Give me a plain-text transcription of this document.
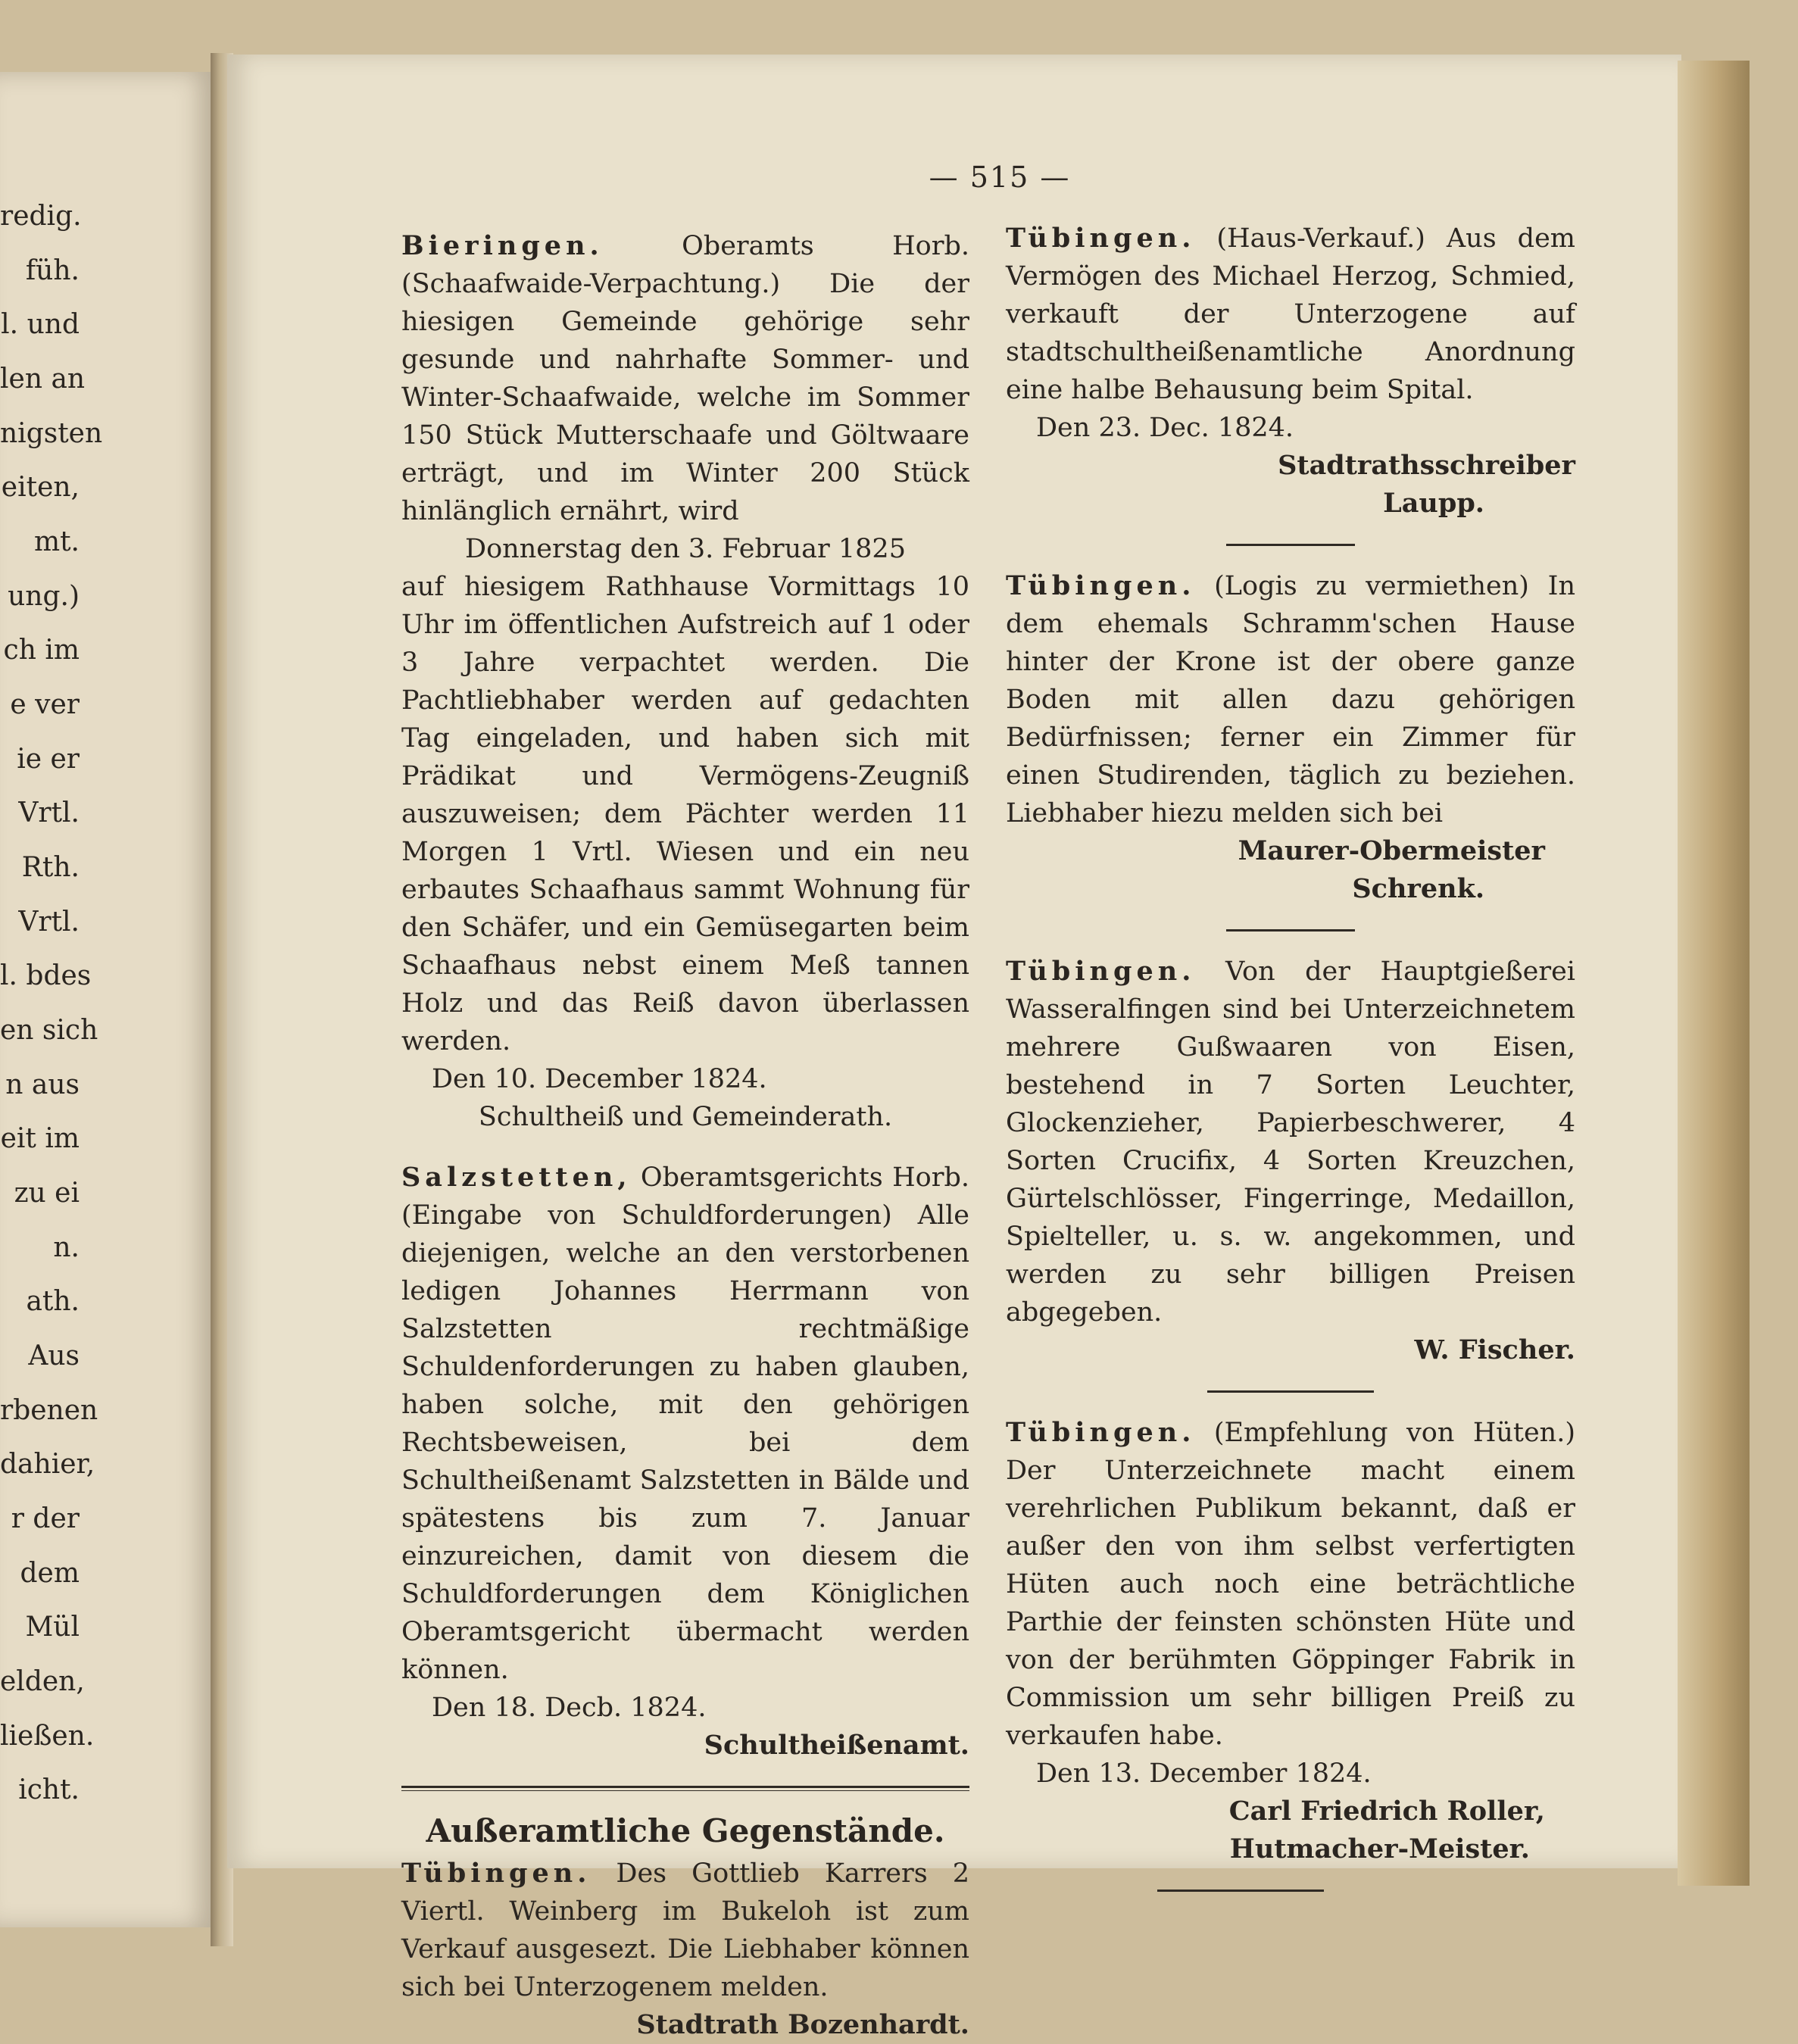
redig.
füh.
l. und
len an
nigsten
eiten,
mt.
ung.)
ch im
e ver
ie er
Vrtl.
Rth.
Vrtl.
l. bdes
en sich
n aus
eit im
zu ei
n.
ath.
Aus
rbenen
dahier,
r der
dem
Mül
elden,
ließen.
icht.
— 515 —

Bieringen.	Oberamts Horb. (Schaafwaide-Verpachtung.) Die der hiesigen Gemeinde gehörige sehr gesunde und nahrhafte Sommer- und Winter-Schaafwaide, welche im Sommer 150 Stück Mutterschaafe und Göltwaare erträgt, und im Winter 200 Stück hinlänglich ernährt, wird

Donnerstag den 3. Februar 1825

auf hiesigem Rathhause Vormittags 10 Uhr im öffentlichen Aufstreich auf 1 oder 3 Jahre verpachtet werden. Die Pachtliebhaber werden auf gedachten Tag eingeladen, und haben sich mit Prädikat und Vermögens-Zeugniß auszuweisen; dem Pächter werden 11 Morgen 1 Vrtl. Wiesen und ein neu erbautes Schaafhaus sammt Wohnung für den Schäfer, und ein Gemüsegarten beim Schaafhaus nebst einem Meß tannen Holz und das Reiß davon überlassen werden.

Den 10. December 1824.

Schultheiß und Gemeinderath.

Salzstetten, Oberamtsgerichts Horb. (Eingabe von Schuldforderungen) Alle diejenigen, welche an den verstorbenen ledigen Johannes Herrmann von Salzstetten rechtmäßige Schuldenforderungen zu haben glauben, haben solche, mit den gehörigen Rechtsbeweisen, bei dem Schultheißenamt Salzstetten in Bälde und spätestens bis zum 7. Januar einzureichen, damit von diesem die Schuldforderungen dem Königlichen Oberamtsgericht übermacht werden können.

Den 18. Decb. 1824.

Schultheißenamt.

Außeramtliche Gegenstände.

Tübingen. Des Gottlieb Karrers 2 Viertl. Weinberg im Bukeloh ist zum Verkauf ausgesezt. Die Liebhaber können sich bei Unterzogenem melden.

Stadtrath Bozenhardt.

Tübingen. (Haus-Verkauf.) Aus dem Vermögen des Michael Herzog, Schmied, verkauft der Unterzogene auf stadtschultheißenamtliche Anordnung eine halbe Behausung beim Spital.

Den 23. Dec. 1824.

Stadtrathsschreiber

Laupp.

Tübingen. (Logis zu vermiethen) In dem ehemals Schramm'schen Hause hinter der Krone ist der obere ganze Boden mit allen dazu gehörigen Bedürfnissen; ferner ein Zimmer für einen Studirenden, täglich zu beziehen. Liebhaber hiezu melden sich bei

Maurer-Obermeister

Schrenk.

Tübingen. Von der Hauptgießerei Wasseralfingen sind bei Unterzeichnetem mehrere Gußwaaren von Eisen, bestehend in 7 Sorten Leuchter, Glockenzieher, Papierbeschwerer, 4 Sorten Crucifix, 4 Sorten Kreuzchen, Gürtelschlösser, Fingerringe, Medaillon, Spielteller, u. s. w. angekommen, und werden zu sehr billigen Preisen abgegeben.

W. Fischer.

Tübingen. (Empfehlung von Hüten.) Der Unterzeichnete macht einem verehrlichen Publikum bekannt, daß er außer den von ihm selbst verfertigten Hüten auch noch eine beträchtliche Parthie der feinsten schönsten Hüte und von der berühmten Göppinger Fabrik in Commission um sehr billigen Preiß zu verkaufen habe.

Den 13. December 1824.

Carl Friedrich Roller,

Hutmacher-Meister.
